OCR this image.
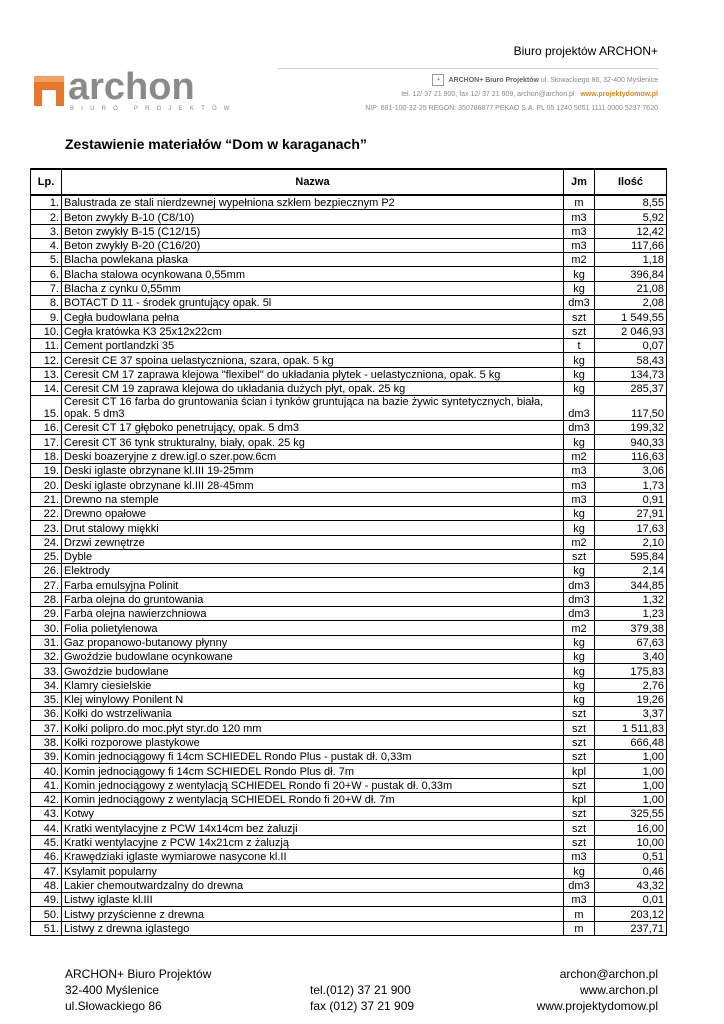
Biuro projektów ARCHON+
archon
BIURO PROJEKTÓW
✦ ARCHON+ Biuro Projektów ul. Słowackiego 86, 32-400 Myślenice
tel. 12/ 37 21 900, fax 12/ 37 21 909, archon@archon.pl www.projektydomow.pl
NIP: 681-100-32-25 REGON: 350786877 PEKAO S.A. PL 05 1240 5051 1111 0000 5237 7620
Zestawienie materiałów “Dom w karaganach”
Lp.	Nazwa	Jm	Ilość
1.	Balustrada ze stali nierdzewnej wypełniona szkłem bezpiecznym P2	m	8,55
2.	Beton zwykły B-10 (C8/10)	m3	5,92
3.	Beton zwykły B-15 (C12/15)	m3	12,42
4.	Beton zwykły B-20 (C16/20)	m3	117,66
5.	Blacha powlekana płaska	m2	1,18
6.	Blacha stalowa ocynkowana 0,55mm	kg	396,84
7.	Blacha z cynku 0,55mm	kg	21,08
8.	BOTACT D 11 - środek gruntujący opak. 5l	dm3	2,08
9.	Cegła budowlana pełna	szt	1 549,55
10.	Cegła kratówka K3 25x12x22cm	szt	2 046,93
11.	Cement portlandzki 35	t	0,07
12.	Ceresit CE 37 spoina uelastyczniona, szara, opak. 5 kg	kg	58,43
13.	Ceresit CM 17 zaprawa klejowa "flexibel" do układania płytek - uelastyczniona, opak. 5 kg	kg	134,73
14.	Ceresit CM 19 zaprawa klejowa do układania dużych płyt, opak. 25 kg	kg	285,37
15.	Ceresit CT 16 farba do gruntowania ścian i tynków gruntująca na bazie żywic syntetycznych, biała, opak. 5 dm3	dm3	117,50
16.	Ceresit CT 17 głęboko penetrujący, opak. 5 dm3	dm3	199,32
17.	Ceresit CT 36 tynk strukturalny, biały, opak. 25 kg	kg	940,33
18.	Deski boazeryjne z drew.igl.o szer.pow.6cm	m2	116,63
19.	Deski iglaste obrzynane kl.III 19-25mm	m3	3,06
20.	Deski iglaste obrzynane kl.III 28-45mm	m3	1,73
21.	Drewno na stemple	m3	0,91
22.	Drewno opałowe	kg	27,91
23.	Drut stalowy miękki	kg	17,63
24.	Drzwi zewnętrze	m2	2,10
25.	Dyble	szt	595,84
26.	Elektrody	kg	2,14
27.	Farba emulsyjna Polinit	dm3	344,85
28.	Farba olejna do gruntowania	dm3	1,32
29.	Farba olejna nawierzchniowa	dm3	1,23
30.	Folia polietylenowa	m2	379,38
31.	Gaz propanowo-butanowy płynny	kg	67,63
32.	Gwoździe budowlane ocynkowane	kg	3,40
33.	Gwoździe budowlane	kg	175,83
34.	Klamry ciesielskie	kg	2,76
35.	Klej winylowy Ponilent N	kg	19,26
36.	Kołki do wstrzeliwania	szt	3,37
37.	Kołki polipro.do moc.płyt styr.do 120 mm	szt	1 511,83
38.	Kołki rozporowe plastykowe	szt	666,48
39.	Komin jednociągowy fi 14cm SCHIEDEL Rondo Plus - pustak dł. 0,33m	szt	1,00
40.	Komin jednociągowy fi 14cm SCHIEDEL Rondo Plus dł. 7m	kpl	1,00
41.	Komin jednociągowy z wentylacją SCHIEDEL Rondo fi 20+W - pustak dł. 0,33m	szt	1,00
42.	Komin jednociągowy z wentylacją SCHIEDEL Rondo fi 20+W dł. 7m	kpl	1,00
43.	Kotwy	szt	325,55
44.	Kratki wentylacyjne z PCW 14x14cm bez żaluzji	szt	16,00
45.	Kratki wentylacyjne z PCW 14x21cm z żaluzją	szt	10,00
46.	Krawędziaki iglaste wymiarowe nasycone kl.II	m3	0,51
47.	Ksylamit popularny	kg	0,46
48.	Lakier chemoutwardzalny do drewna	dm3	43,32
49.	Listwy iglaste kl.III	m3	0,01
50.	Listwy przyścienne z drewna	m	203,12
51.	Listwy z drewna iglastego	m	237,71
ARCHON+ Biuro Projektów
32-400 Myślenice
ul.Słowackiego 86
tel.(012) 37 21 900
fax (012) 37 21 909
archon@archon.pl
www.archon.pl
www.projektydomow.pl
